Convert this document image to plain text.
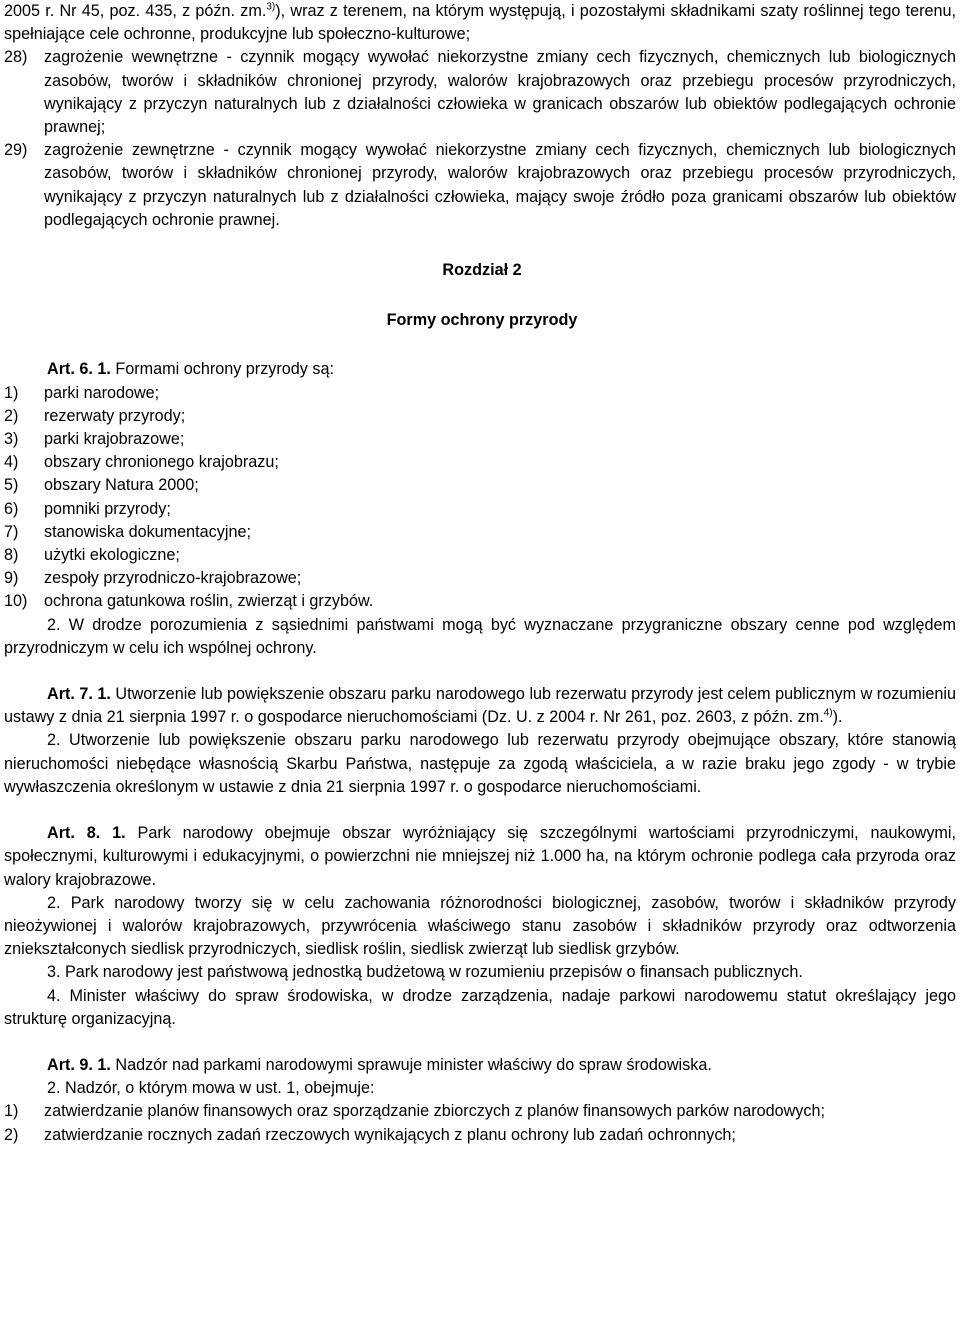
2005 r. Nr 45, poz. 435, z późn. zm.$^{3)}$), wraz z terenem, na którym występują, i pozostałymi składnikami szaty roślinnej tego terenu, spełniające cele ochronne, produkcyjne lub społeczno-kulturowe;

28) zagrożenie wewnętrzne - czynnik mogący wywołać niekorzystne zmiany cech fizycznych, chemicznych lub biologicznych zasobów, tworów i składników chronionej przyrody, walorów krajobrazowych oraz przebiegu procesów przyrodniczych, wynikający z przyczyn naturalnych lub z działalności człowieka w granicach obszarów lub obiektów podlegających ochronie prawnej;
29) zagrożenie zewnętrzne - czynnik mogący wywołać niekorzystne zmiany cech fizycznych, chemicznych lub biologicznych zasobów, tworów i składników chronionej przyrody, walorów krajobrazowych oraz przebiegu procesów przyrodniczych, wynikający z przyczyn naturalnych lub z działalności człowieka, mający swoje źródło poza granicami obszarów lub obiektów podlegających ochronie prawnej.

Rozdział 2

Formy ochrony przyrody

Art. 6. 1. Formami ochrony przyrody są:

1) parki narodowe;
2) rezerwaty przyrody;
3) parki krajobrazowe;
4) obszary chronionego krajobrazu;
5) obszary Natura 2000;
6) pomniki przyrody;
7) stanowiska dokumentacyjne;
8) użytki ekologiczne;
9) zespoły przyrodniczo-krajobrazowe;
10) ochrona gatunkowa roślin, zwierząt i grzybów.

2. W drodze porozumienia z sąsiednimi państwami mogą być wyznaczane przygraniczne obszary cenne pod względem przyrodniczym w celu ich wspólnej ochrony.

Art. 7. 1. Utworzenie lub powiększenie obszaru parku narodowego lub rezerwatu przyrody jest celem publicznym w rozumieniu ustawy z dnia 21 sierpnia 1997 r. o gospodarce nieruchomościami (Dz. U. z 2004 r. Nr 261, poz. 2603, z późn. zm.$^{4)}$).

2. Utworzenie lub powiększenie obszaru parku narodowego lub rezerwatu przyrody obejmujące obszary, które stanowią nieruchomości niebędące własnością Skarbu Państwa, następuje za zgodą właściciela, a w razie braku jego zgody - w trybie wywłaszczenia określonym w ustawie z dnia 21 sierpnia 1997 r. o gospodarce nieruchomościami.

Art. 8. 1. Park narodowy obejmuje obszar wyróżniający się szczególnymi wartościami przyrodniczymi, naukowymi, społecznymi, kulturowymi i edukacyjnymi, o powierzchni nie mniejszej niż 1.000 ha, na którym ochronie podlega cała przyroda oraz walory krajobrazowe.

2. Park narodowy tworzy się w celu zachowania różnorodności biologicznej, zasobów, tworów i składników przyrody nieożywionej i walorów krajobrazowych, przywrócenia właściwego stanu zasobów i składników przyrody oraz odtworzenia zniekształconych siedlisk przyrodniczych, siedlisk roślin, siedlisk zwierząt lub siedlisk grzybów.

3. Park narodowy jest państwową jednostką budżetową w rozumieniu przepisów o finansach publicznych.

4. Minister właściwy do spraw środowiska, w drodze zarządzenia, nadaje parkowi narodowemu statut określający jego strukturę organizacyjną.

Art. 9. 1. Nadzór nad parkami narodowymi sprawuje minister właściwy do spraw środowiska.

2. Nadzór, o którym mowa w ust. 1, obejmuje:

1) zatwierdzanie planów finansowych oraz sporządzanie zbiorczych z planów finansowych parków narodowych;
2) zatwierdzanie rocznych zadań rzeczowych wynikających z planu ochrony lub zadań ochronnych;
